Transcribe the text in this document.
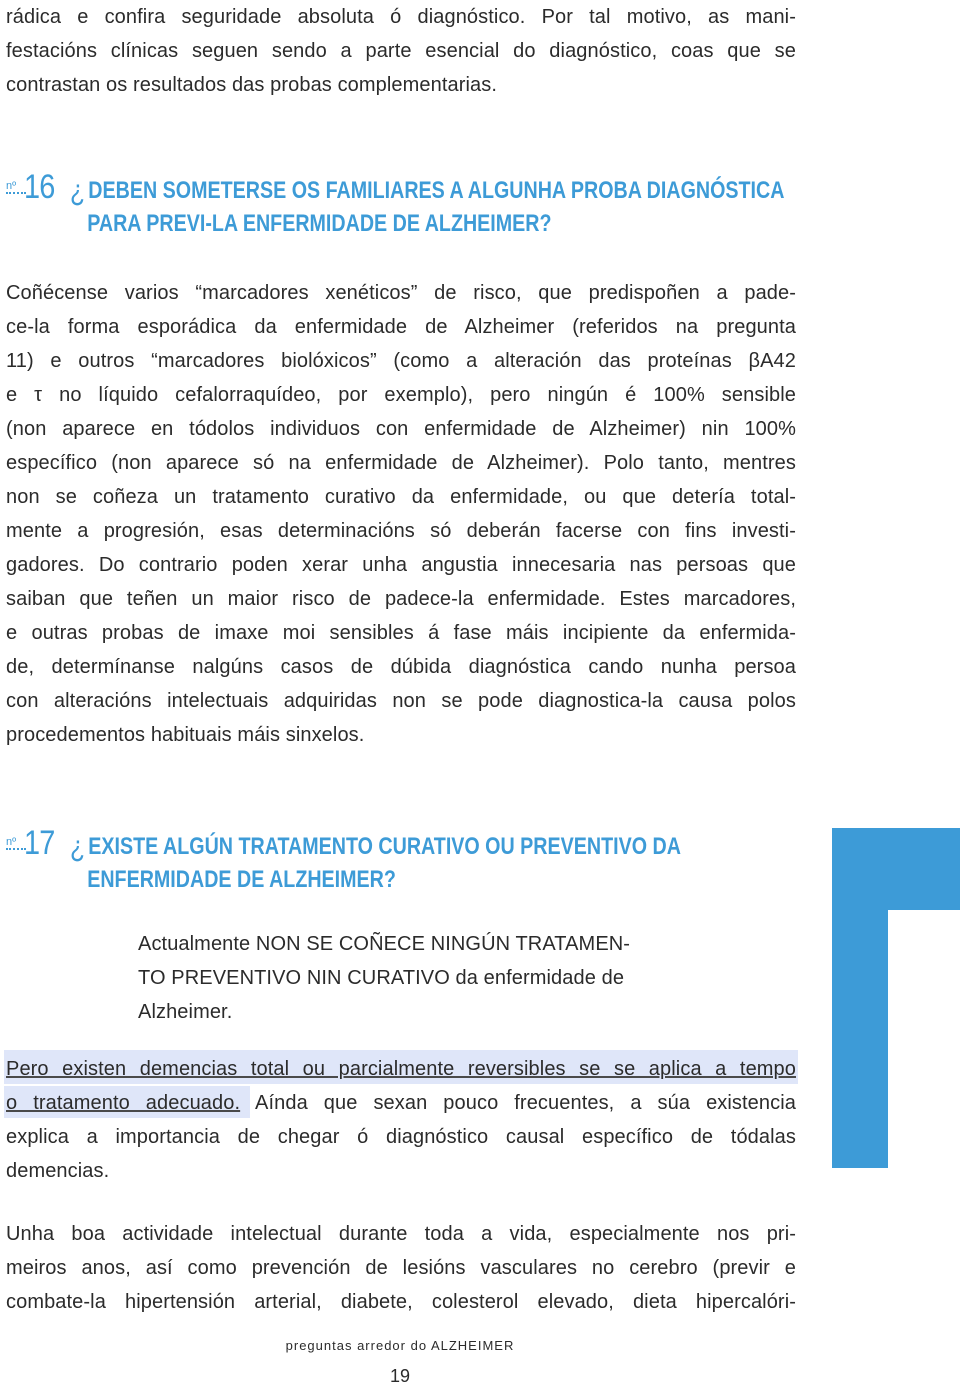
rádica e confira seguridade absoluta ó diagnóstico. Por tal motivo, as mani-
festacións clínicas seguen sendo a parte esencial do diagnóstico, coas que se
contrastan os resultados das probas complementarias.
nº 16 ¿ DEBEN SOMETERSE OS FAMILIARES A ALGUNHA PROBA DIAGNÓSTICA
PARA PREVI-LA ENFERMIDADE DE ALZHEIMER?
Coñécense varios “marcadores xenéticos” de risco, que predispoñen a pade-
ce-la forma esporádica da enfermidade de Alzheimer (referidos na pregunta
11) e outros “marcadores biolóxicos” (como a alteración das proteínas βA42
e τ no líquido cefalorraquídeo, por exemplo), pero ningún é 100% sensible
(non aparece en tódolos individuos con enfermidade de Alzheimer) nin 100%
específico (non aparece só na enfermidade de Alzheimer). Polo tanto, mentres
non se coñeza un tratamento curativo da enfermidade, ou que detería total-
mente a progresión, esas determinacións só deberán facerse con fins investi-
gadores. Do contrario poden xerar unha angustia innecesaria nas persoas que
saiban que teñen un maior risco de padece-la enfermidade. Estes marcadores,
e outras probas de imaxe moi sensibles á fase máis incipiente da enfermida-
de, determínanse nalgúns casos de dúbida diagnóstica cando nunha persoa
con alteracións intelectuais adquiridas non se pode diagnostica-la causa polos
procedementos habituais máis sinxelos.
nº 17 ¿ EXISTE ALGÚN TRATAMENTO CURATIVO OU PREVENTIVO DA
ENFERMIDADE DE ALZHEIMER?
Actualmente NON SE COÑECE NINGÚN TRATAMEN-
TO PREVENTIVO NIN CURATIVO da enfermidade de
Alzheimer.
Pero existen demencias total ou parcialmente reversibles se se aplica a tempo
o tratamento adecuado. Aínda que sexan pouco frecuentes, a súa existencia
explica a importancia de chegar ó diagnóstico causal específico de tódalas
demencias.
Unha boa actividade intelectual durante toda a vida, especialmente nos pri-
meiros anos, así como prevención de lesións vasculares no cerebro (previr e
combate-la hipertensión arterial, diabete, colesterol elevado, dieta hipercalóri-
preguntas arredor do ALZHEIMER
19
